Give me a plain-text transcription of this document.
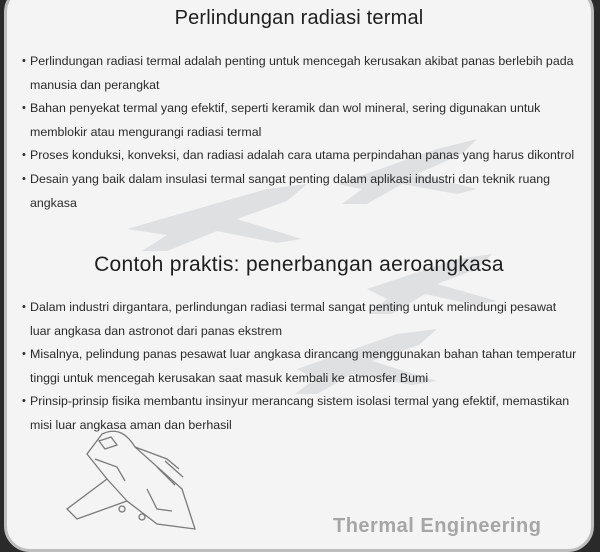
Perlindungan radiasi termal
• Perlindungan radiasi termal adalah penting untuk mencegah kerusakan akibat panas berlebih pada manusia dan perangkat
• Bahan penyekat termal yang efektif, seperti keramik dan wol mineral, sering digunakan untuk memblokir atau mengurangi radiasi termal
• Proses konduksi, konveksi, dan radiasi adalah cara utama perpindahan panas yang harus dikontrol
• Desain yang baik dalam insulasi termal sangat penting dalam aplikasi industri dan teknik ruang angkasa
Contoh praktis: penerbangan aeroangkasa
• Dalam industri dirgantara, perlindungan radiasi termal sangat penting untuk melindungi pesawat luar angkasa dan astronot dari panas ekstrem
• Misalnya, pelindung panas pesawat luar angkasa dirancang menggunakan bahan tahan temperatur tinggi untuk mencegah kerusakan saat masuk kembali ke atmosfer Bumi
• Prinsip-prinsip fisika membantu insinyur merancang sistem isolasi termal yang efektif, memastikan misi luar angkasa aman dan berhasil
Thermal Engineering
